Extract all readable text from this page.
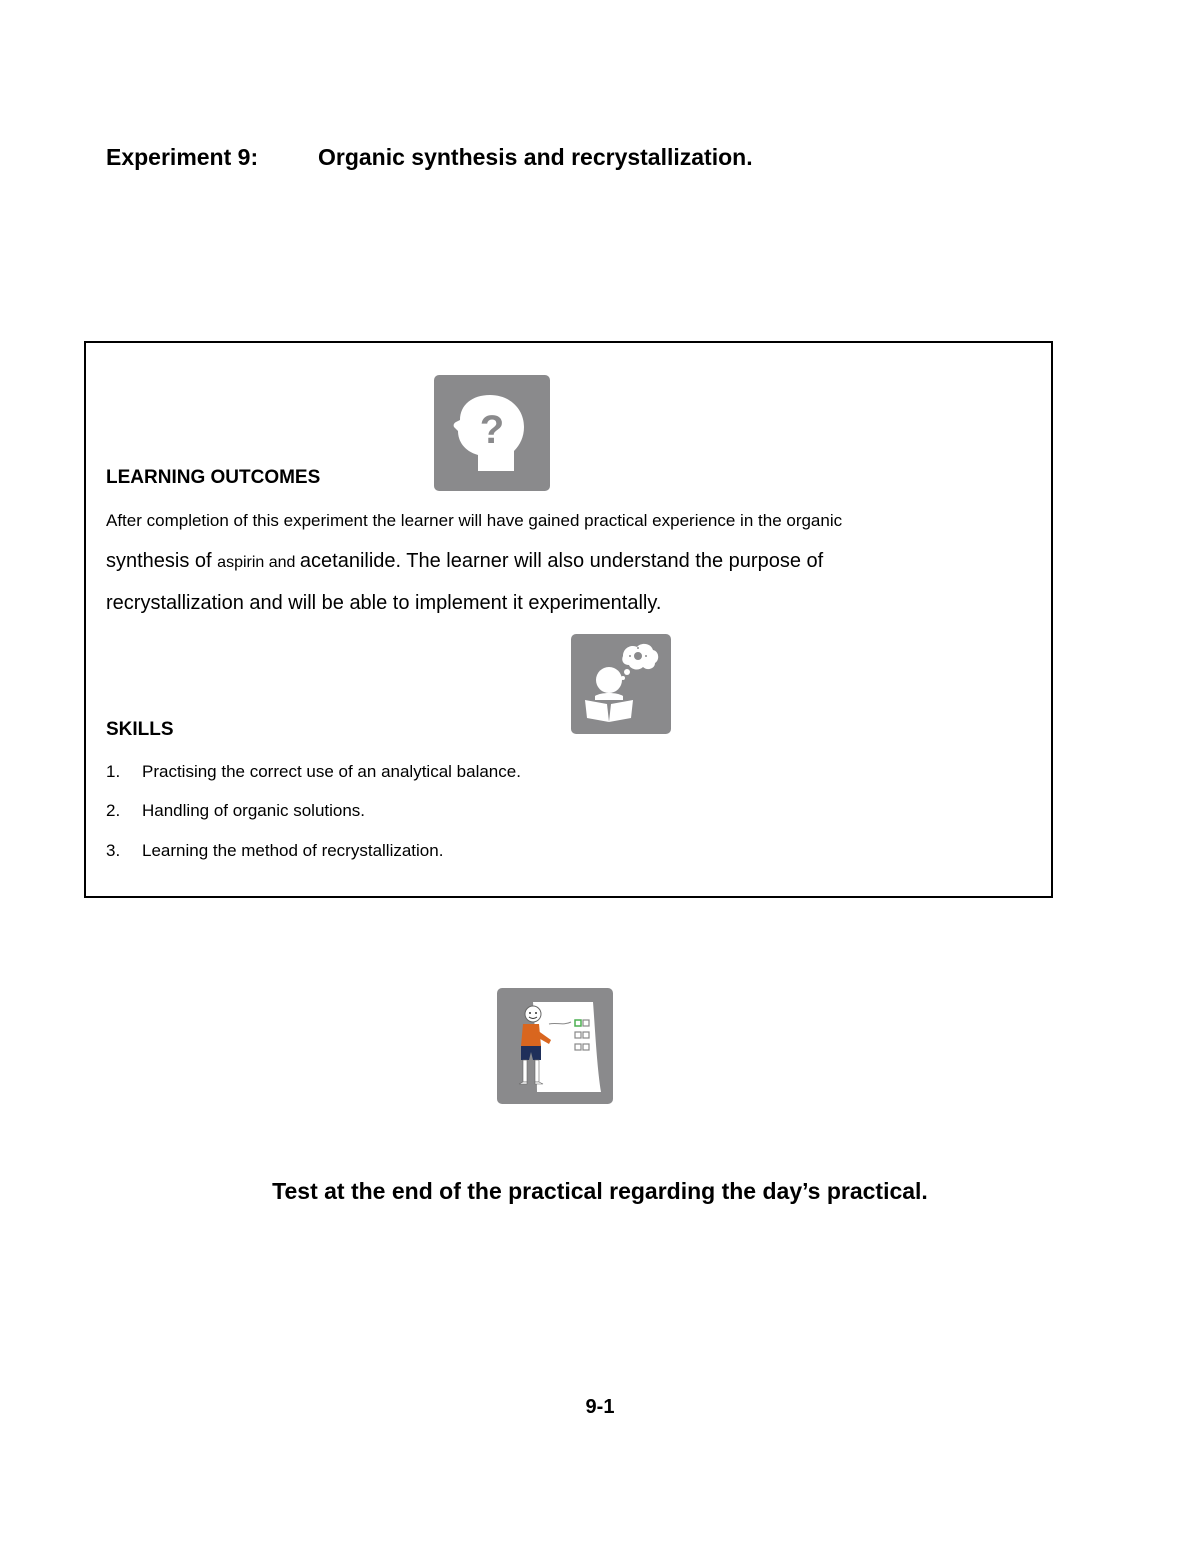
Experiment 9:	Organic synthesis and recrystallization.
?
LEARNING OUTCOMES
After completion of this experiment the learner will have gained practical experience in the organic
synthesis of aspirin and acetanilide. The learner will also understand the purpose of
recrystallization and will be able to implement it experimentally.
SKILLS
1. Practising the correct use of an analytical balance.
2. Handling of organic solutions.
3. Learning the method of recrystallization.
Test at the end of the practical regarding the day’s practical.
9-1
